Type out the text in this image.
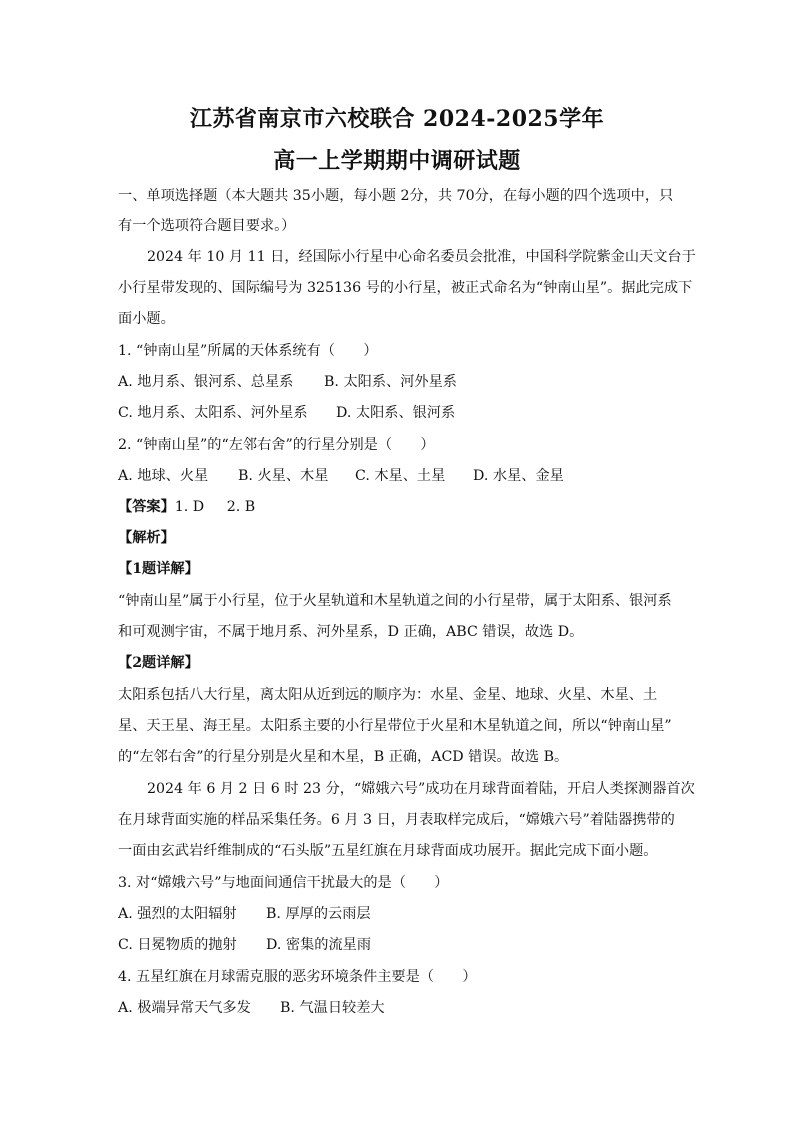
江苏省南京市六校联合 2024-2025学年
高一上学期期中调研试题
一、单项选择题（本大题共 35小题，每小题 2分，共 70分，在每小题的四个选项中，只
有一个选项符合题目要求。）
2024 年 10 月 11 日，经国际小行星中心命名委员会批准，中国科学院紫金山天文台于
小行星带发现的、国际编号为 325136 号的小行星，被正式命名为“钟南山星”。据此完成下
面小题。
1. “钟南山星”所属的天体系统有（　　）
A. 地月系、银河系、总星系 B. 太阳系、河外星系
C. 地月系、太阳系、河外星系 D. 太阳系、银河系
2. “钟南山星”的“左邻右舍”的行星分别是（　　）
A. 地球、火星 B. 火星、木星 C. 木星、土星 D. 水星、金星
【答案】1. D 2. B
【解析】
【1题详解】
“钟南山星”属于小行星，位于火星轨道和木星轨道之间的小行星带，属于太阳系、银河系
和可观测宇宙，不属于地月系、河外星系，D 正确，ABC 错误，故选 D。
【2题详解】
太阳系包括八大行星，离太阳从近到远的顺序为：水星、金星、地球、火星、木星、土
星、天王星、海王星。太阳系主要的小行星带位于火星和木星轨道之间，所以“钟南山星”
的“左邻右舍”的行星分别是火星和木星，B 正确，ACD 错误。故选 B。
2024 年 6 月 2 日 6 时 23 分，“嫦娥六号”成功在月球背面着陆，开启人类探测器首次
在月球背面实施的样品采集任务。6 月 3 日，月表取样完成后，“嫦娥六号”着陆器携带的
一面由玄武岩纤维制成的“石头版”五星红旗在月球背面成功展开。据此完成下面小题。
3. 对“嫦娥六号”与地面间通信干扰最大的是（　　）
A. 强烈的太阳辐射 B. 厚厚的云雨层
C. 日冕物质的抛射 D. 密集的流星雨
4. 五星红旗在月球需克服的恶劣环境条件主要是（　　）
A. 极端异常天气多发 B. 气温日较差大
